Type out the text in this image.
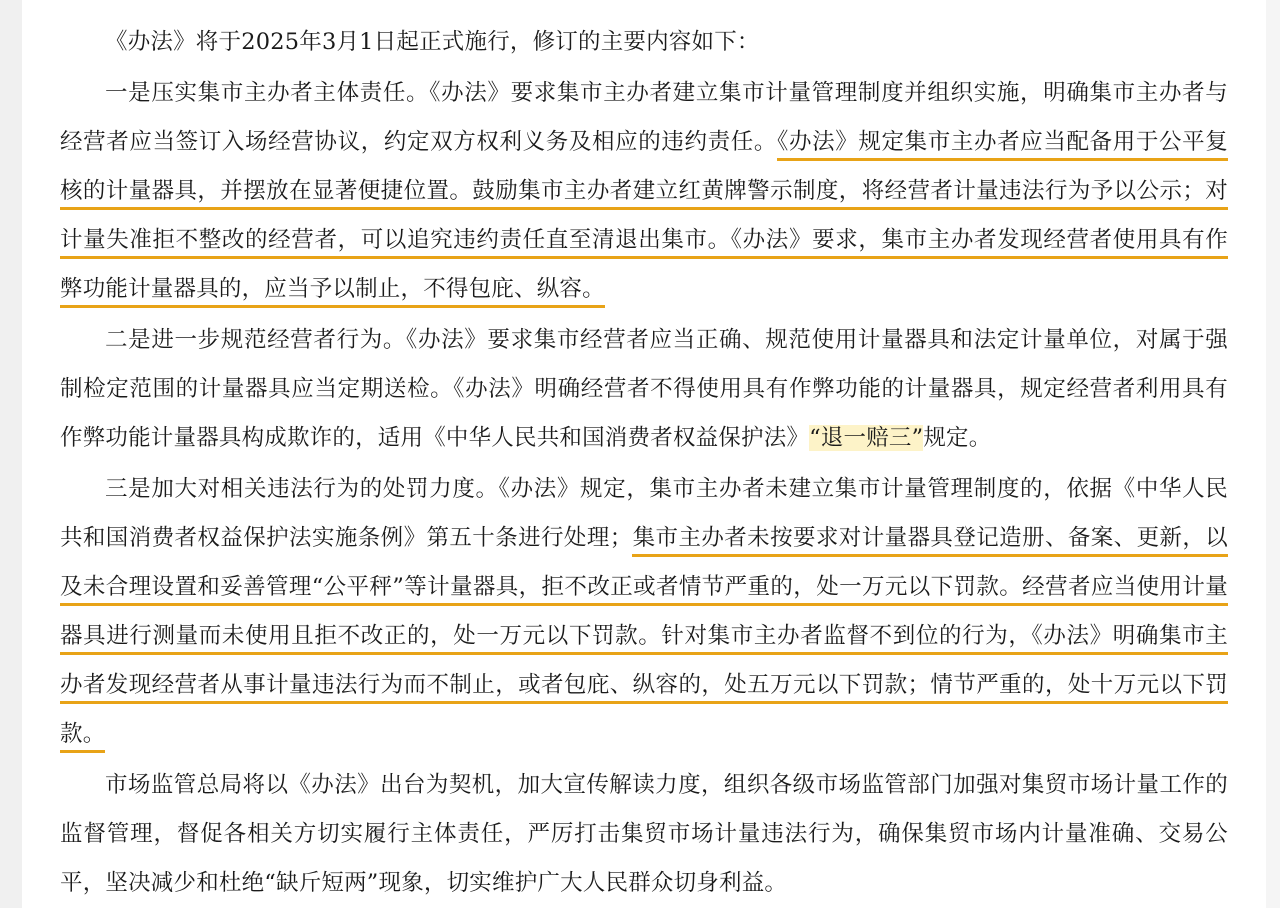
《办法》将于2025年3月1日起正式施行，修订的主要内容如下：

一是压实集市主办者主体责任。《办法》要求集市主办者建立集市计量管理制度并组织实施，明确集市主办者与经营者应当签订入场经营协议，约定双方权利义务及相应的违约责任。《办法》规定集市主办者应当配备用于公平复核的计量器具，并摆放在显著便捷位置。鼓励集市主办者建立红黄牌警示制度，将经营者计量违法行为予以公示；对计量失准拒不整改的经营者，可以追究违约责任直至清退出集市。《办法》要求，集市主办者发现经营者使用具有作弊功能计量器具的，应当予以制止，不得包庇、纵容。

二是进一步规范经营者行为。《办法》要求集市经营者应当正确、规范使用计量器具和法定计量单位，对属于强制检定范围的计量器具应当定期送检。《办法》明确经营者不得使用具有作弊功能的计量器具，规定经营者利用具有作弊功能计量器具构成欺诈的，适用《中华人民共和国消费者权益保护法》“退一赔三”规定。

三是加大对相关违法行为的处罚力度。《办法》规定，集市主办者未建立集市计量管理制度的，依据《中华人民共和国消费者权益保护法实施条例》第五十条进行处理；集市主办者未按要求对计量器具登记造册、备案、更新，以及未合理设置和妥善管理“公平秤”等计量器具，拒不改正或者情节严重的，处一万元以下罚款。经营者应当使用计量器具进行测量而未使用且拒不改正的，处一万元以下罚款。针对集市主办者监督不到位的行为，《办法》明确集市主办者发现经营者从事计量违法行为而不制止，或者包庇、纵容的，处五万元以下罚款；情节严重的，处十万元以下罚款。

市场监管总局将以《办法》出台为契机，加大宣传解读力度，组织各级市场监管部门加强对集贸市场计量工作的监督管理，督促各相关方切实履行主体责任，严厉打击集贸市场计量违法行为，确保集贸市场内计量准确、交易公平，坚决减少和杜绝“缺斤短两”现象，切实维护广大人民群众切身利益。
